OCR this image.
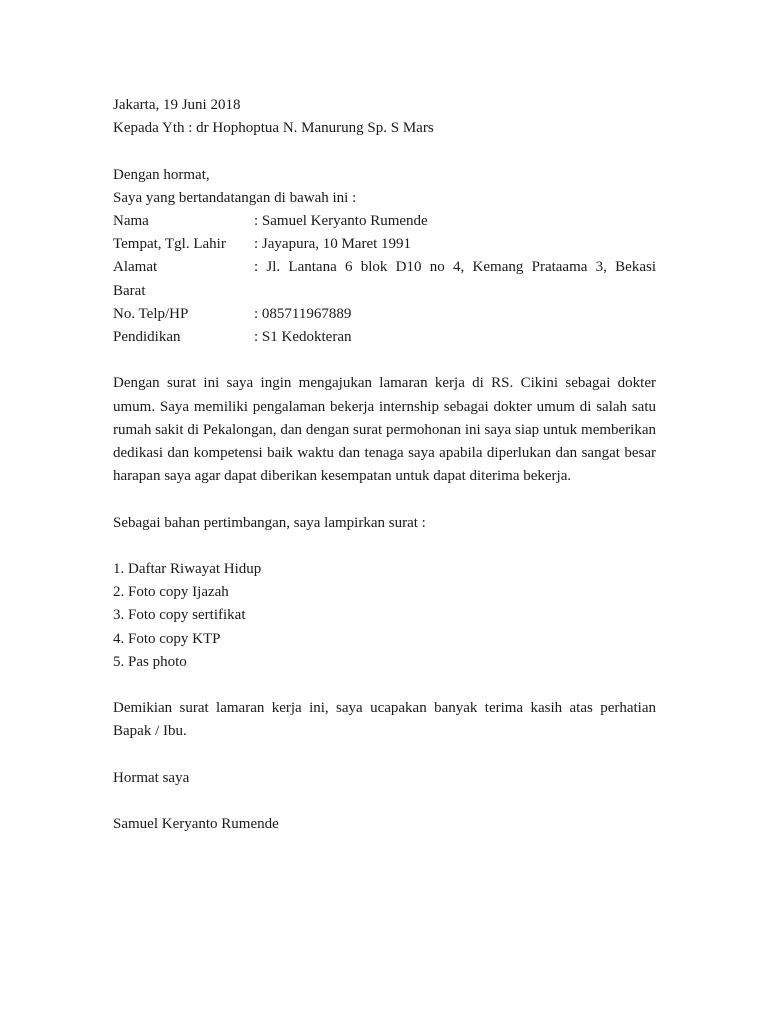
Jakarta, 19 Juni 2018
Kepada Yth : dr Hophoptua N. Manurung Sp. S Mars
Dengan hormat,
Saya yang bertandatangan di bawah ini :
Nama	: Samuel Keryanto Rumende
Tempat, Tgl. Lahir	: Jayapura, 10 Maret 1991
Alamat	: Jl. Lantana 6 blok D10 no 4, Kemang Prataama 3, Bekasi
Barat
No. Telp/HP	: 085711967889
Pendidikan	: S1 Kedokteran
Dengan surat ini saya ingin mengajukan lamaran kerja di RS. Cikini sebagai dokter umum. Saya memiliki pengalaman bekerja internship sebagai dokter umum di salah satu rumah sakit di Pekalongan, dan dengan surat permohonan ini saya siap untuk memberikan dedikasi dan kompetensi baik waktu dan tenaga saya apabila diperlukan dan sangat besar harapan saya agar dapat diberikan kesempatan untuk dapat diterima bekerja.
Sebagai bahan pertimbangan, saya lampirkan surat :
1. Daftar Riwayat Hidup
2. Foto copy Ijazah
3. Foto copy sertifikat
4. Foto copy KTP
5. Pas photo
Demikian surat lamaran kerja ini, saya ucapakan banyak terima kasih atas perhatian Bapak / Ibu.
Hormat saya
Samuel Keryanto Rumende
